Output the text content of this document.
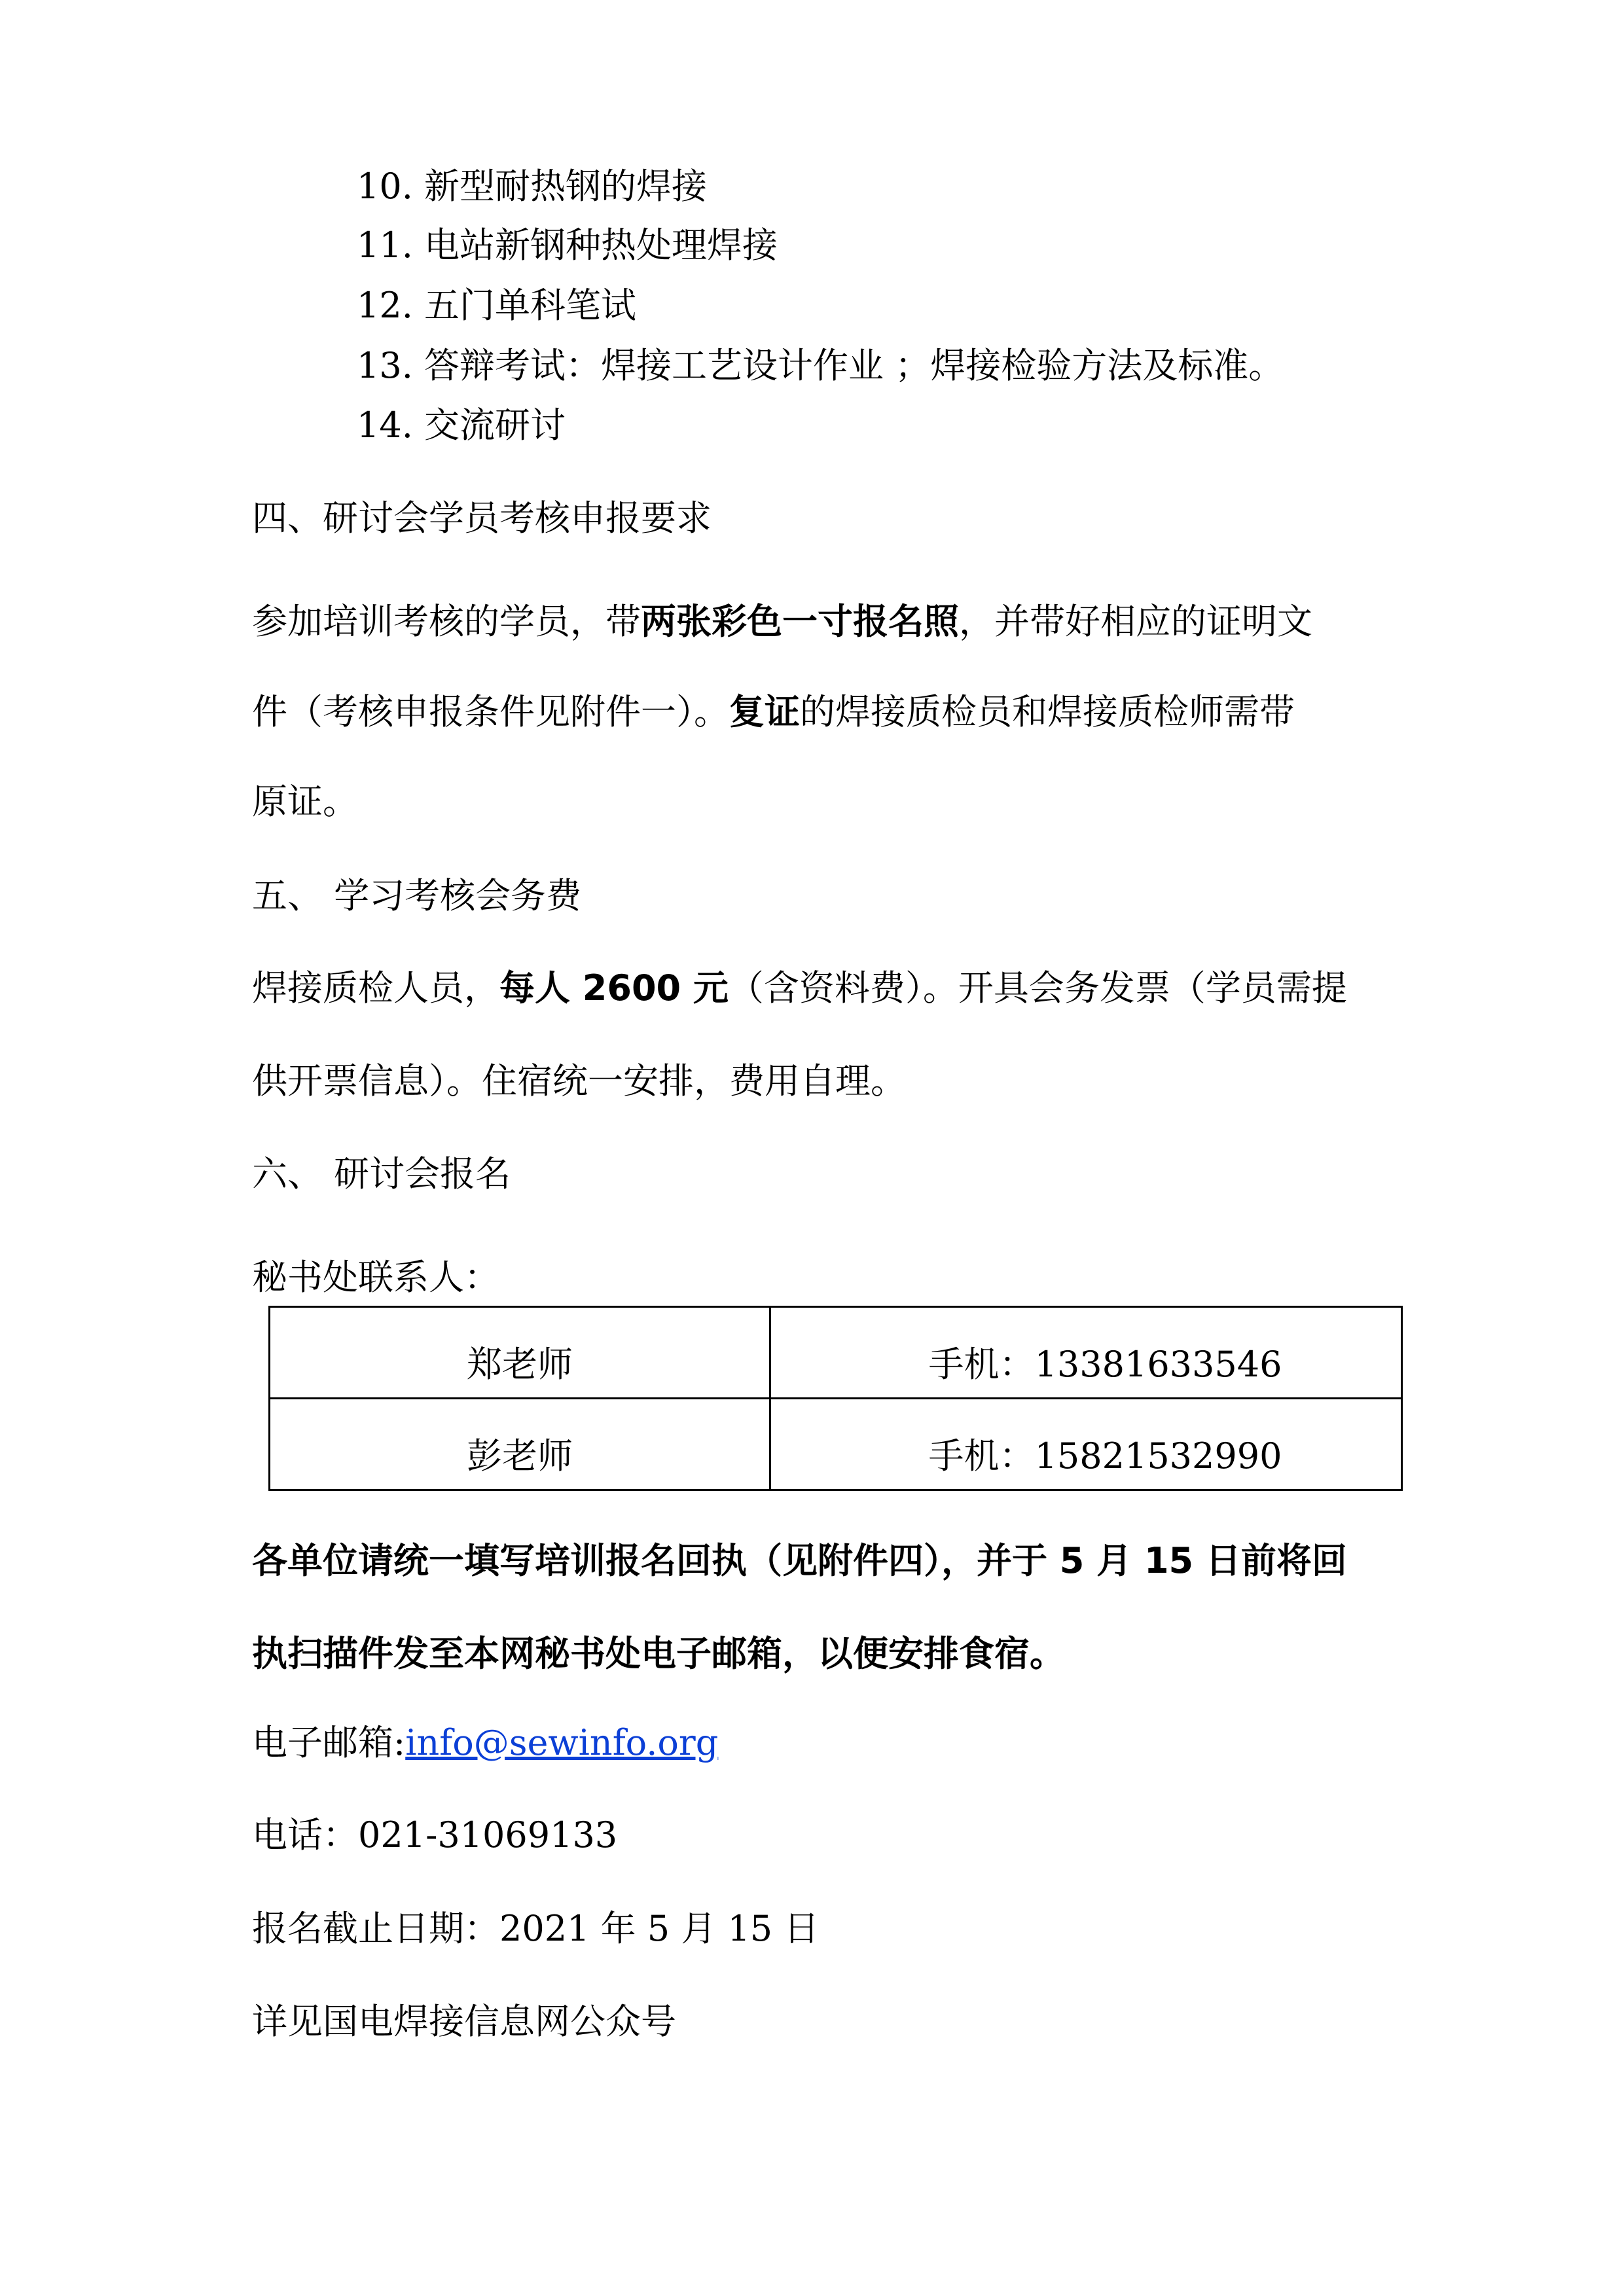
10. 新型耐热钢的焊接
11. 电站新钢种热处理焊接
12. 五门单科笔试
13. 答辩考试：焊接工艺设计作业 ；焊接检验方法及标准。
14. 交流研讨
四、研讨会学员考核申报要求
参加培训考核的学员，带两张彩色一寸报名照，并带好相应的证明文
件（考核申报条件见附件一）。复证的焊接质检员和焊接质检师需带
原证。
五、 学习考核会务费
焊接质检人员，每人 2600 元（含资料费）。开具会务发票（学员需提
供开票信息）。住宿统一安排，费用自理。
六、 研讨会报名
秘书处联系人：
郑老师	手机：13381633546
彭老师	手机：15821532990
各单位请统一填写培训报名回执（见附件四），并于 5 月 15 日前将回
执扫描件发至本网秘书处电子邮箱，以便安排食宿。
电子邮箱:info@sewinfo.org
电话：021-31069133
报名截止日期：2021 年 5 月 15 日
详见国电焊接信息网公众号
